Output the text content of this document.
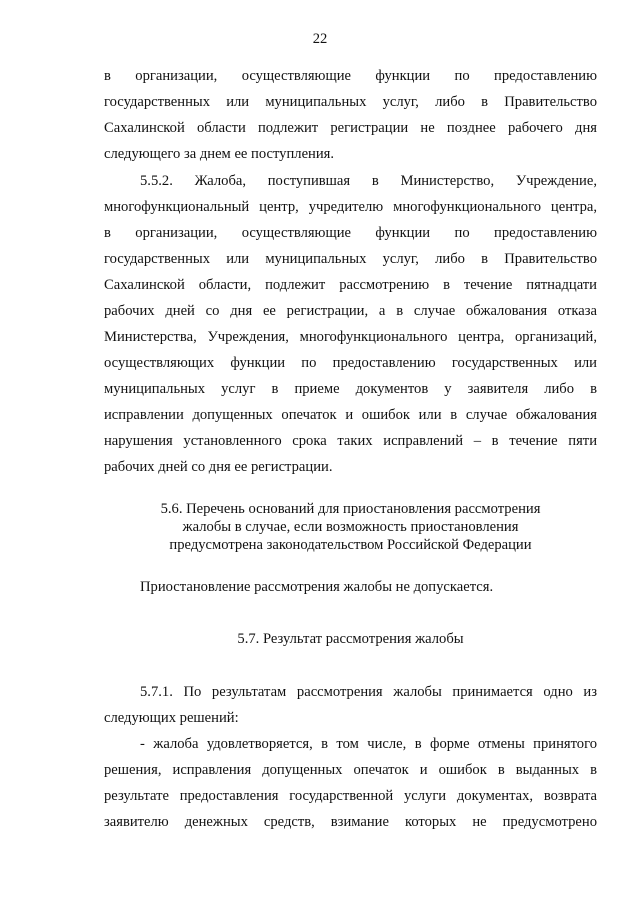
22
в организации, осуществляющие функции по предоставлению
государственных или муниципальных услуг, либо в Правительство
Сахалинской области подлежит регистрации не позднее рабочего дня
следующего за днем ее поступления.
5.5.2. Жалоба, поступившая в Министерство, Учреждение,
многофункциональный центр, учредителю многофункционального центра,
в организации, осуществляющие функции по предоставлению
государственных или муниципальных услуг, либо в Правительство
Сахалинской области, подлежит рассмотрению в течение пятнадцати
рабочих дней со дня ее регистрации, а в случае обжалования отказа
Министерства, Учреждения, многофункционального центра, организаций,
осуществляющих функции по предоставлению государственных или
муниципальных услуг в приеме документов у заявителя либо в
исправлении допущенных опечаток и ошибок или в случае обжалования
нарушения установленного срока таких исправлений – в течение пяти
рабочих дней со дня ее регистрации.
5.6. Перечень оснований для приостановления рассмотрения
жалобы в случае, если возможность приостановления
предусмотрена законодательством Российской Федерации
Приостановление рассмотрения жалобы не допускается.
5.7. Результат рассмотрения жалобы
5.7.1. По результатам рассмотрения жалобы принимается одно из
следующих решений:
- жалоба удовлетворяется, в том числе, в форме отмены принятого
решения, исправления допущенных опечаток и ошибок в выданных в
результате предоставления государственной услуги документах, возврата
заявителю денежных средств, взимание которых не предусмотрено
